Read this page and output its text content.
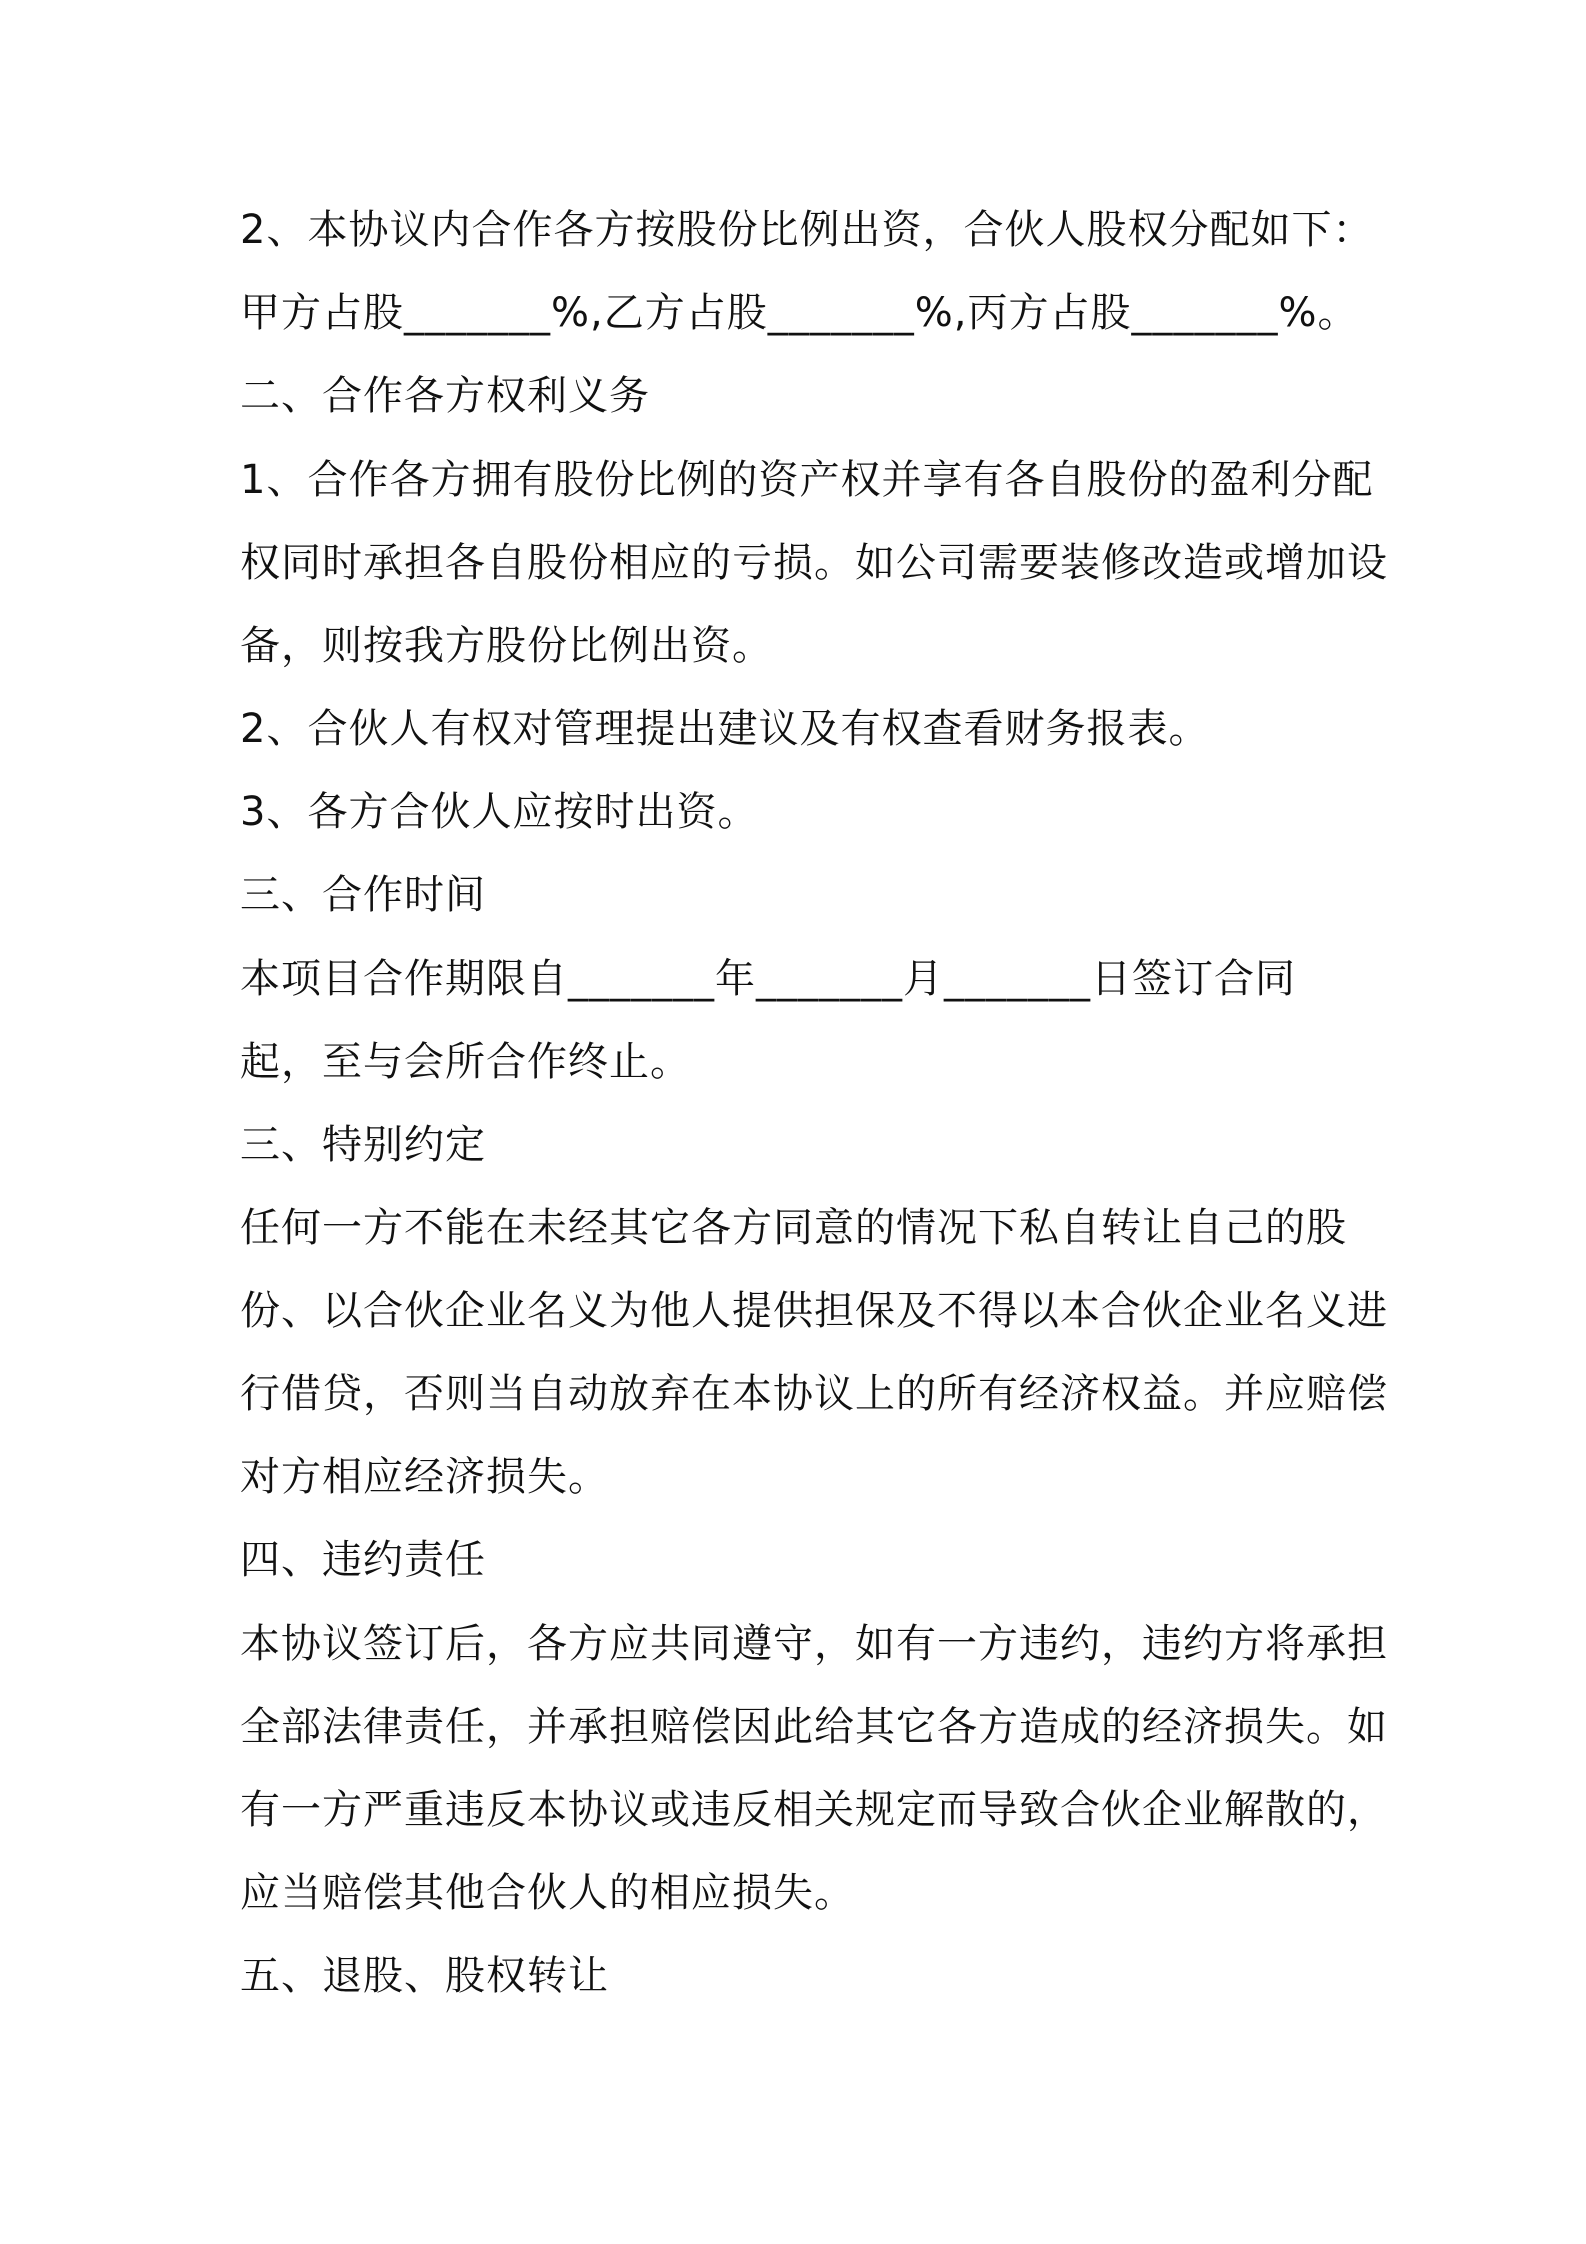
2、本协议内合作各方按股份比例出资，合伙人股权分配如下：
甲方占股_______%,乙方占股_______%,丙方占股_______%。
二、合作各方权利义务
1、合作各方拥有股份比例的资产权并享有各自股份的盈利分配
权同时承担各自股份相应的亏损。如公司需要装修改造或增加设
备，则按我方股份比例出资。
2、合伙人有权对管理提出建议及有权查看财务报表。
3、各方合伙人应按时出资。
三、合作时间
本项目合作期限自_______年_______月_______日签订合同
起，至与会所合作终止。
三、特别约定
任何一方不能在未经其它各方同意的情况下私自转让自己的股
份、以合伙企业名义为他人提供担保及不得以本合伙企业名义进
行借贷，否则当自动放弃在本协议上的所有经济权益。并应赔偿
对方相应经济损失。
四、违约责任
本协议签订后，各方应共同遵守，如有一方违约，违约方将承担
全部法律责任，并承担赔偿因此给其它各方造成的经济损失。如
有一方严重违反本协议或违反相关规定而导致合伙企业解散的，
应当赔偿其他合伙人的相应损失。
五、退股、股权转让
